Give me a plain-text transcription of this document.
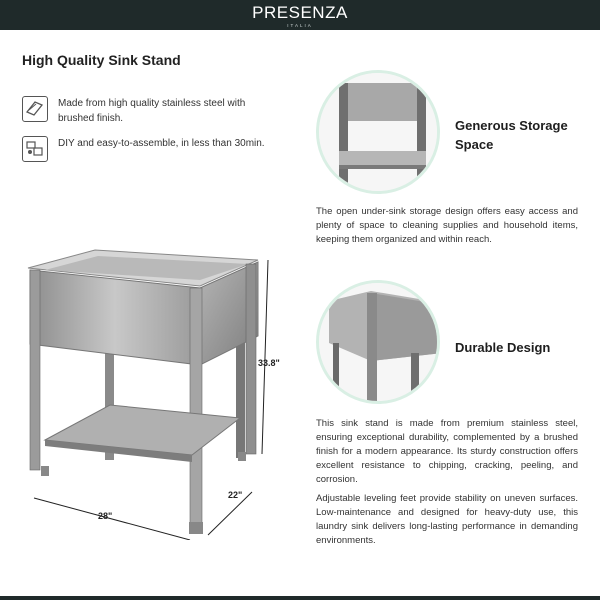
PRESENZA
ITALIA
High Quality Sink Stand
Made from high quality stainless steel with brushed finish.
DIY and easy-to-assemble, in less than 30min.
33.8"
28"
22"
Generous Storage
Space
The open under-sink storage design offers easy access and plenty of space to cleaning supplies and household items, keeping them organized and within reach.
Durable Design
This sink stand is made from premium stainless steel, ensuring exceptional durability, complemented by a brushed finish for a modern appearance. Its sturdy construction offers excellent resistance to chipping, cracking, peeling, and corrosion.
Adjustable leveling feet provide stability on uneven surfaces. Low-maintenance and designed for heavy-duty use, this laundry sink delivers long-lasting performance in demanding environments.
